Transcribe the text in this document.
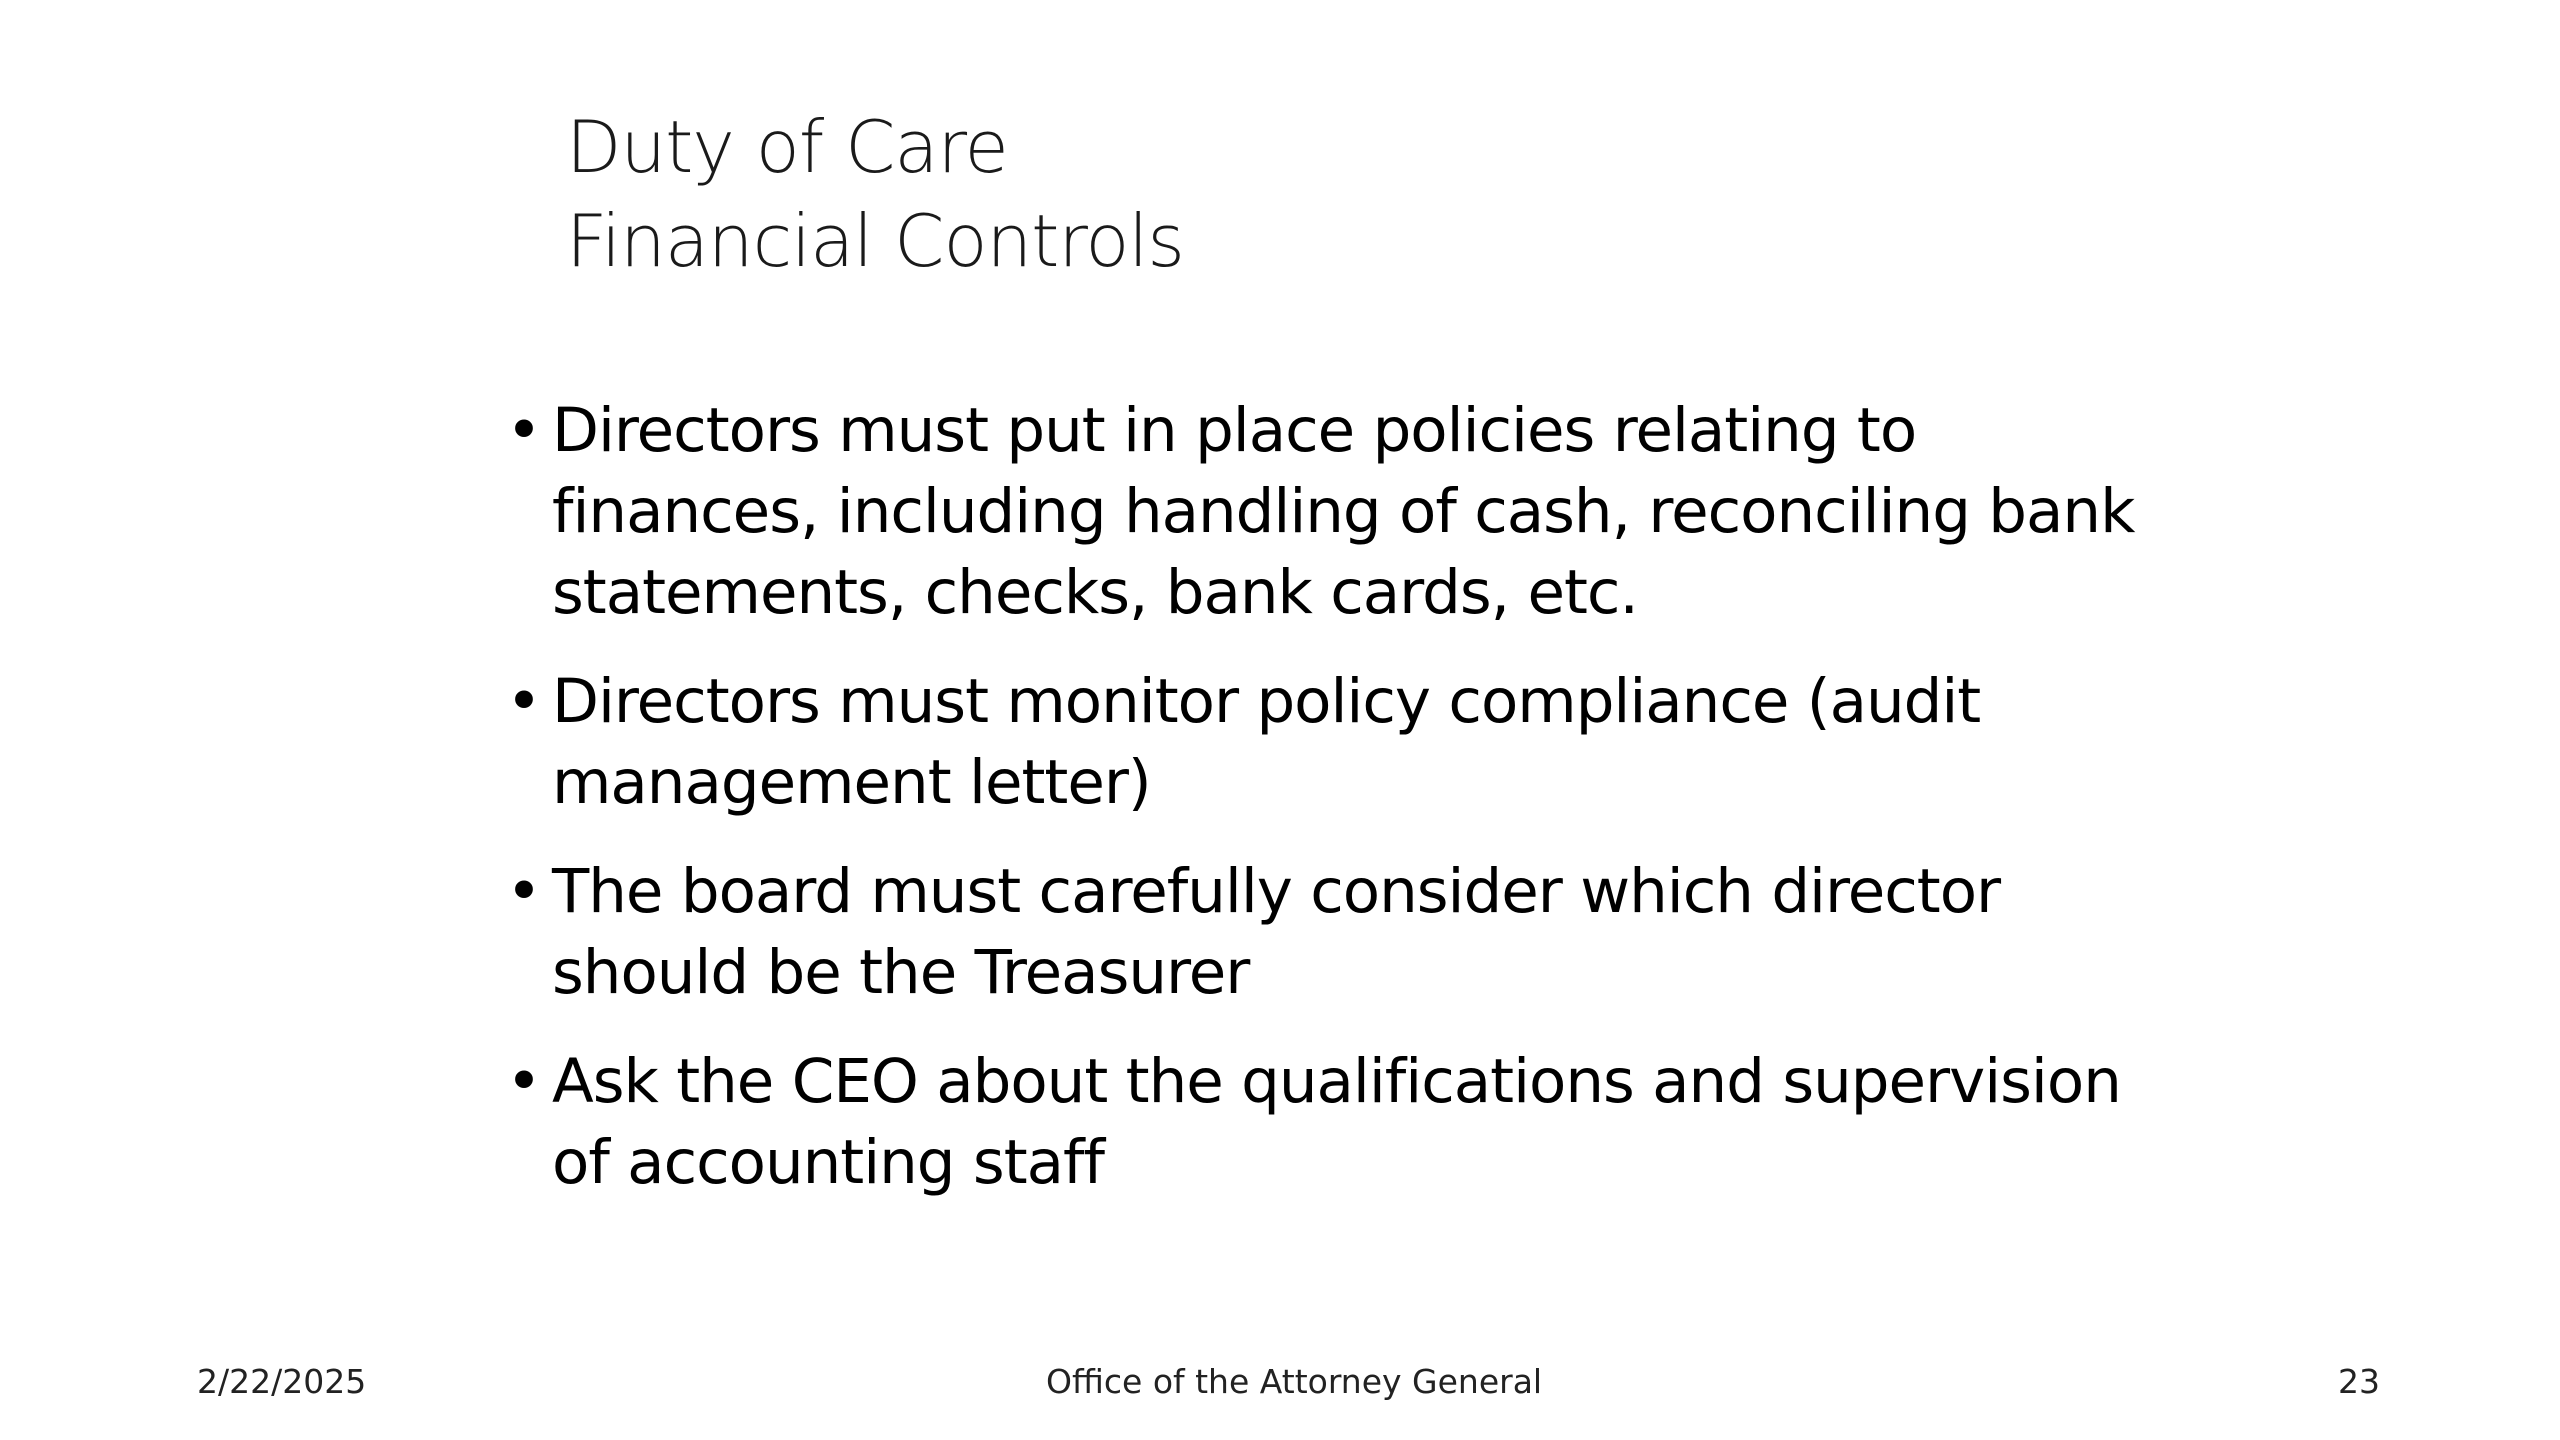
Duty of Care
Financial Controls
• Directors must put in place policies relating to finances, including handling of cash, reconciling bank statements, checks, bank cards, etc.
• Directors must monitor policy compliance (audit management letter)
• The board must carefully consider which director should be the Treasurer
• Ask the CEO about the qualifications and supervision of accounting staff
2/22/2025	Office of the Attorney General	23
